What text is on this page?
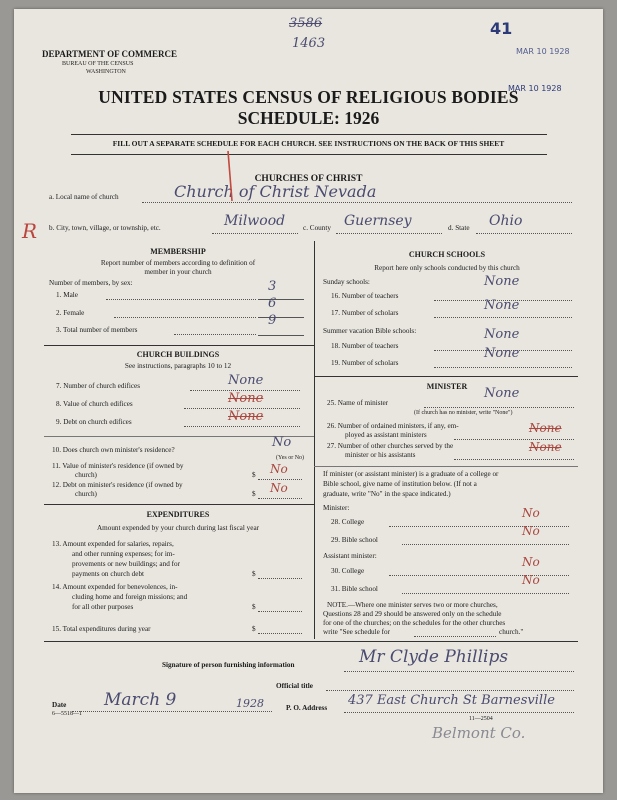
DEPARTMENT OF COMMERCE
BUREAU OF THE CENSUS
WASHINGTON
3586
1463
41
MAR 10 1928
MAR 10 1928
UNITED STATES CENSUS OF RELIGIOUS BODIES
SCHEDULE: 1926
FILL OUT A SEPARATE SCHEDULE FOR EACH CHURCH. SEE INSTRUCTIONS ON THE BACK OF THIS SHEET
CHURCHES OF CHRIST
a. Local name of church	Church of Christ Nevada
R b. City, town, village, or township, etc.	Milwood c. County Guernsey	d. State Ohio
MEMBERSHIP
Report number of members according to definition of
member in your church
Number of members, by sex:
1. Male
3
2. Female
6
3. Total number of members
9
CHURCH BUILDINGS
See instructions, paragraphs 10 to 12
7. Number of church edifices	None
8. Value of church edifices	None
9. Debt on church edifices	None
10. Does church own minister's residence?	No
(Yes or No)
11. Value of minister's residence (if owned by
church)	$ No
12. Debt on minister's residence (if owned by
church)	$ No
EXPENDITURES
Amount expended by your church during last fiscal year
13. Amount expended for salaries, repairs,
and other running expenses; for im-
provements or new buildings; and for
payments on church debt	$
14. Amount expended for benevolences, in-
cluding home and foreign missions; and
for all other purposes	$
15. Total expenditures during year	$
CHURCH SCHOOLS
Report here only schools conducted by this church
Sunday schools:
16. Number of teachers
None
17. Number of scholars	None
Summer vacation Bible schools:
18. Number of teachers
None
19. Number of scholars
None
MINISTER
25. Name of minister
None
(If church has no minister, write "None")
26. Number of ordained ministers, if any, em-
ployed as assistant ministers	None
27. Number of other churches served by the
minister or his assistants
None
If minister (or assistant minister) is a graduate of a college or
Bible school, give name of institution below. (If not a
graduate, write "No" in the space indicated.)
Minister:
28. College
No
29. Bible school
No
Assistant minister:
30. College
No
31. Bible school
No
NOTE.—Where one minister serves two or more churches,
Questions 28 and 29 should be answered only on the schedule
for one of the churches; on the schedules for the other churches
write "See schedule for	church."
Signature of person furnishing information	Mr Clyde Phillips
Official title
Date
6—5518—1
March 9	1928	P. O. Address 437 East Church St Barnesville
11—2504
Belmont Co.
